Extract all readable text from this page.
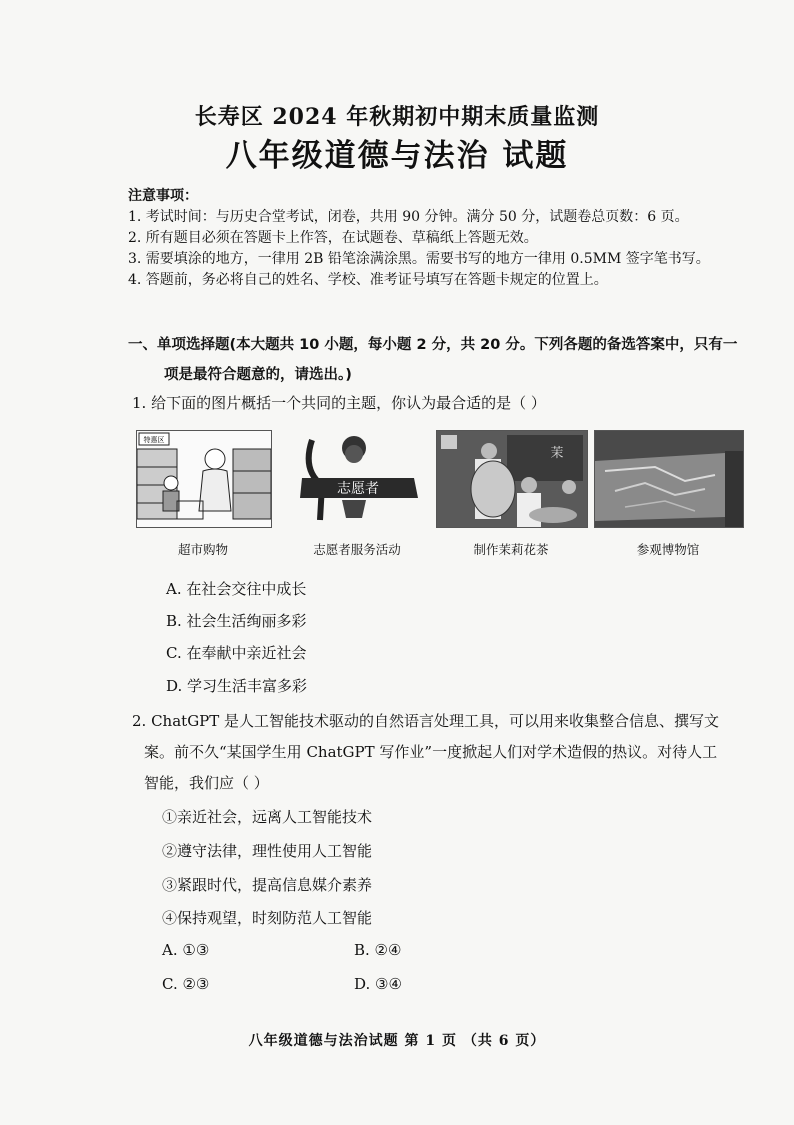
长寿区 2024 年秋期初中期末质量监测
八年级道德与法治 试题
注意事项：
1. 考试时间：与历史合堂考试，闭卷，共用 90 分钟。满分 50 分，试题卷总页数：6 页。
2. 所有题目必须在答题卡上作答，在试题卷、草稿纸上答题无效。
3. 需要填涂的地方，一律用 2B 铅笔涂满涂黑。需要书写的地方一律用 0.5MM 签字笔书写。
4. 答题前，务必将自己的姓名、学校、准考证号填写在答题卡规定的位置上。
一、单项选择题(本大题共 10 小题，每小题 2 分，共 20 分。下列各题的备选答案中，只有一
项是最符合题意的，请选出。)
1. 给下面的图片概括一个共同的主题，你认为最合适的是（ ）
特惠区
志愿者
茉
超市购物	志愿者服务活动	制作茉莉花茶	参观博物馆
A. 在社会交往中成长
B. 社会生活绚丽多彩
C. 在奉献中亲近社会
D. 学习生活丰富多彩
2. ChatGPT 是人工智能技术驱动的自然语言处理工具，可以用来收集整合信息、撰写文
案。前不久“某国学生用 ChatGPT 写作业”一度掀起人们对学术造假的热议。对待人工
智能，我们应（ ）
①亲近社会，远离人工智能技术
②遵守法律，理性使用人工智能
③紧跟时代，提高信息媒介素养
④保持观望，时刻防范人工智能
A. ①③	B. ②④
C. ②③	D. ③④
八年级道德与法治试题 第 1 页 （共 6 页）
